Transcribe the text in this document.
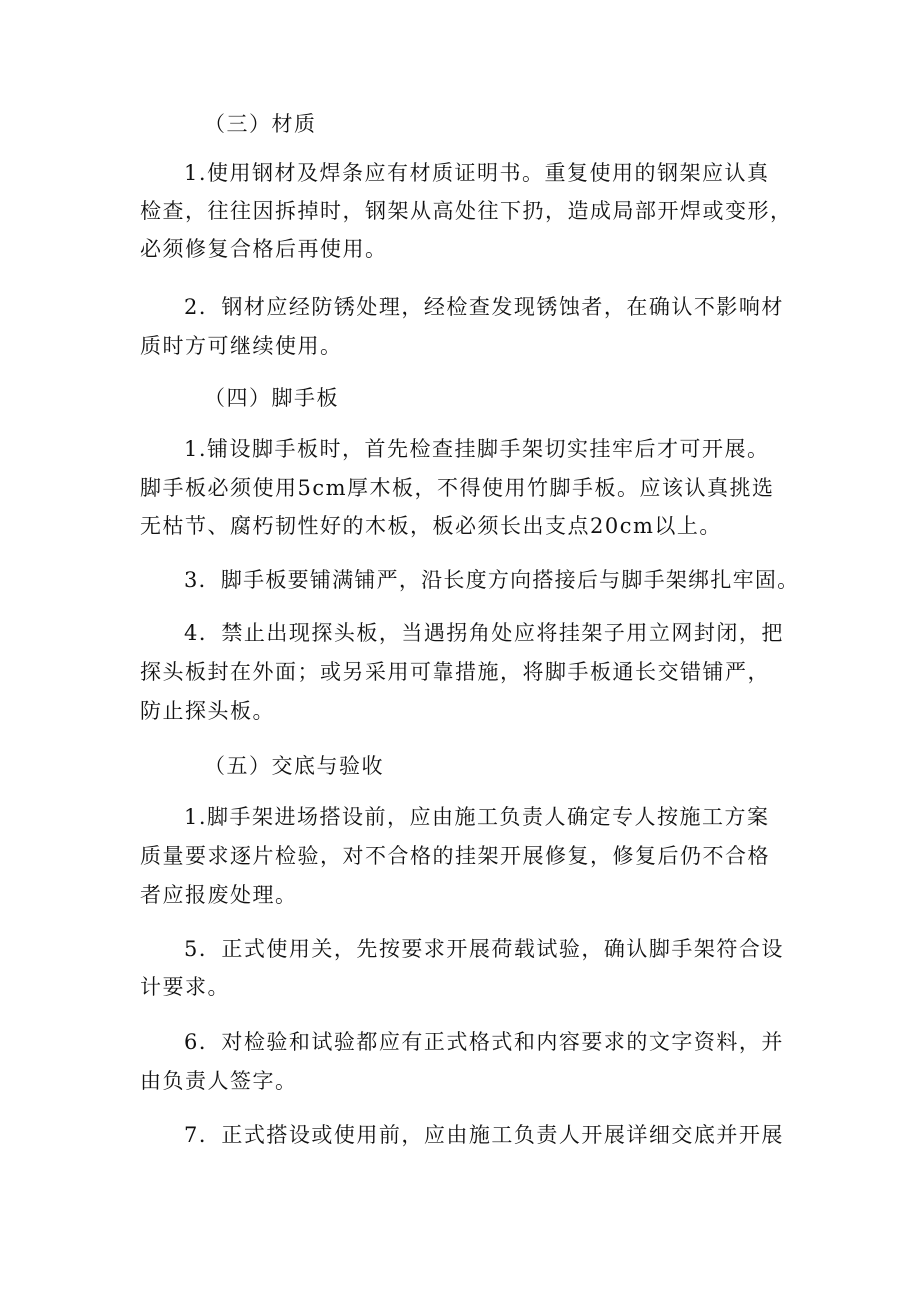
（三）材质
1.使用钢材及焊条应有材质证明书。重复使用的钢架应认真
检查，往往因拆掉时，钢架从高处往下扔，造成局部开焊或变形，
必须修复合格后再使用。
2．钢材应经防锈处理，经检查发现锈蚀者，在确认不影响材
质时方可继续使用。
（四）脚手板
1.铺设脚手板时，首先检查挂脚手架切实挂牢后才可开展。
脚手板必须使用5cm厚木板，不得使用竹脚手板。应该认真挑选
无枯节、腐朽韧性好的木板，板必须长出支点20cm以上。
3．脚手板要铺满铺严，沿长度方向搭接后与脚手架绑扎牢固。
4．禁止出现探头板，当遇拐角处应将挂架子用立网封闭，把
探头板封在外面；或另采用可靠措施，将脚手板通长交错铺严，
防止探头板。
（五）交底与验收
1.脚手架进场搭设前，应由施工负责人确定专人按施工方案
质量要求逐片检验，对不合格的挂架开展修复，修复后仍不合格
者应报废处理。
5．正式使用关，先按要求开展荷载试验，确认脚手架符合设
计要求。
6．对检验和试验都应有正式格式和内容要求的文字资料，并
由负责人签字。
7．正式搭设或使用前，应由施工负责人开展详细交底并开展
